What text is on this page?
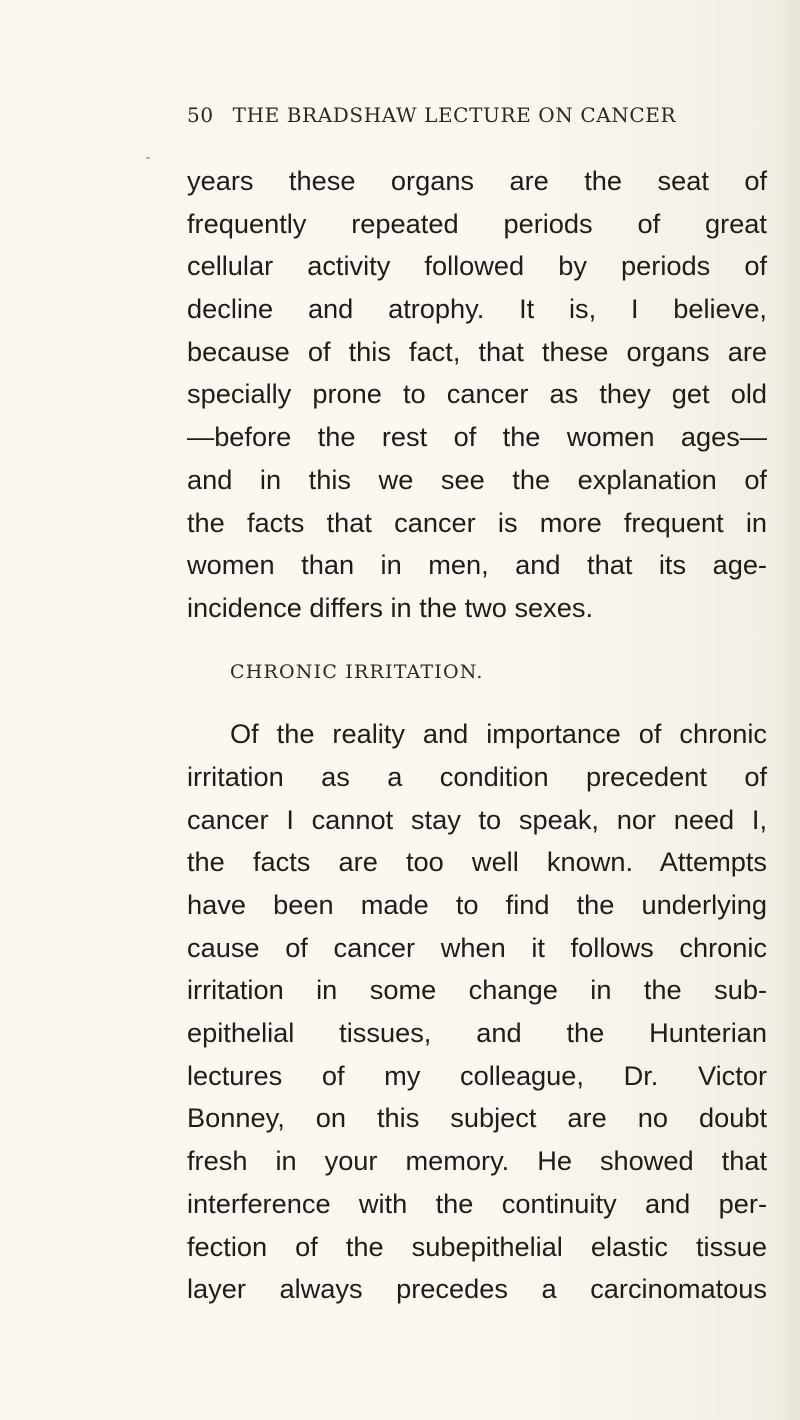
50 THE BRADSHAW LECTURE ON CANCER
years these organs are the seat of
frequently repeated periods of great
cellular activity followed by periods of
decline and atrophy. It is, I believe,
because of this fact, that these organs are
specially prone to cancer as they get old
—before the rest of the women ages—
and in this we see the explanation of
the facts that cancer is more frequent in
women than in men, and that its age-
incidence differs in the two sexes.
CHRONIC IRRITATION.
Of the reality and importance of chronic
irritation as a condition precedent of
cancer I cannot stay to speak, nor need I,
the facts are too well known. Attempts
have been made to find the underlying
cause of cancer when it follows chronic
irritation in some change in the sub-
epithelial tissues, and the Hunterian
lectures of my colleague, Dr. Victor
Bonney, on this subject are no doubt
fresh in your memory. He showed that
interference with the continuity and per-
fection of the subepithelial elastic tissue
layer always precedes a carcinomatous
